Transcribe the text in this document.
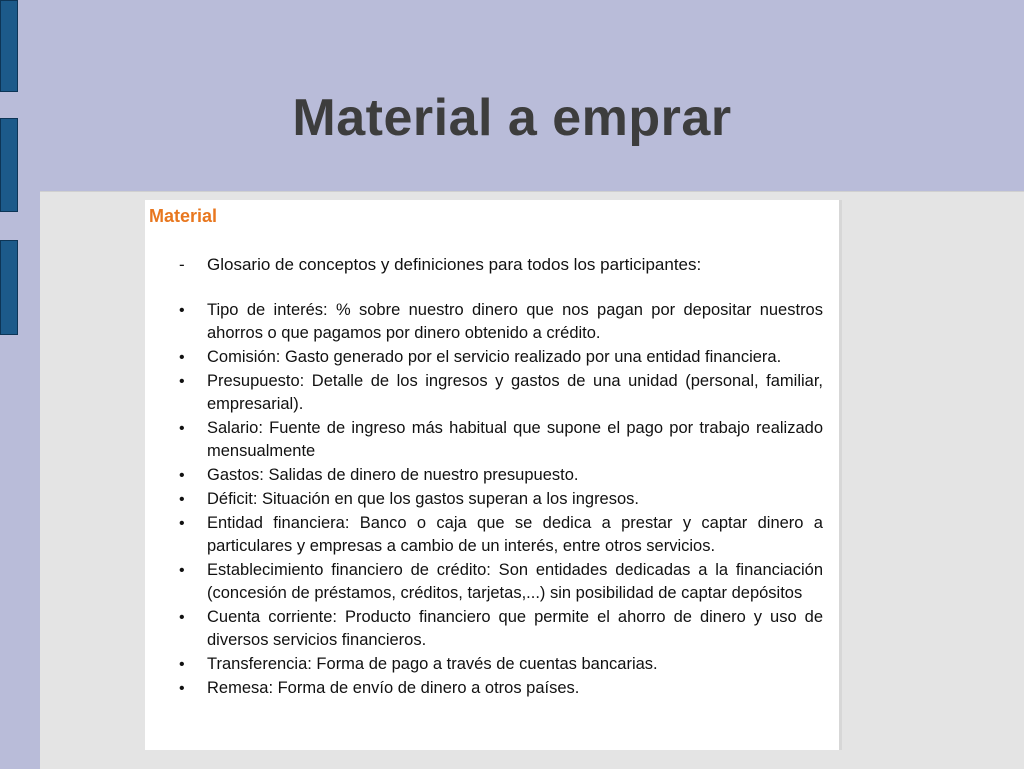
Material a emprar
Material
- Glosario de conceptos y definiciones para todos los participantes:
• Tipo de interés: % sobre nuestro dinero que nos pagan por depositar nuestros ahorros o que pagamos por dinero obtenido a crédito.
• Comisión: Gasto generado por el servicio realizado por una entidad financiera.
• Presupuesto: Detalle de los ingresos y gastos de una unidad (personal, familiar, empresarial).
• Salario: Fuente de ingreso más habitual que supone el pago por trabajo realizado mensualmente
• Gastos: Salidas de dinero de nuestro presupuesto.
• Déficit: Situación en que los gastos superan a los ingresos.
• Entidad financiera: Banco o caja que se dedica a prestar y captar dinero a particulares y empresas a cambio de un interés, entre otros servicios.
• Establecimiento financiero de crédito: Son entidades dedicadas a la financiación (concesión de préstamos, créditos, tarjetas,...) sin posibilidad de captar depósitos
• Cuenta corriente: Producto financiero que permite el ahorro de dinero y uso de diversos servicios financieros.
• Transferencia: Forma de pago a través de cuentas bancarias.
• Remesa: Forma de envío de dinero a otros países.
